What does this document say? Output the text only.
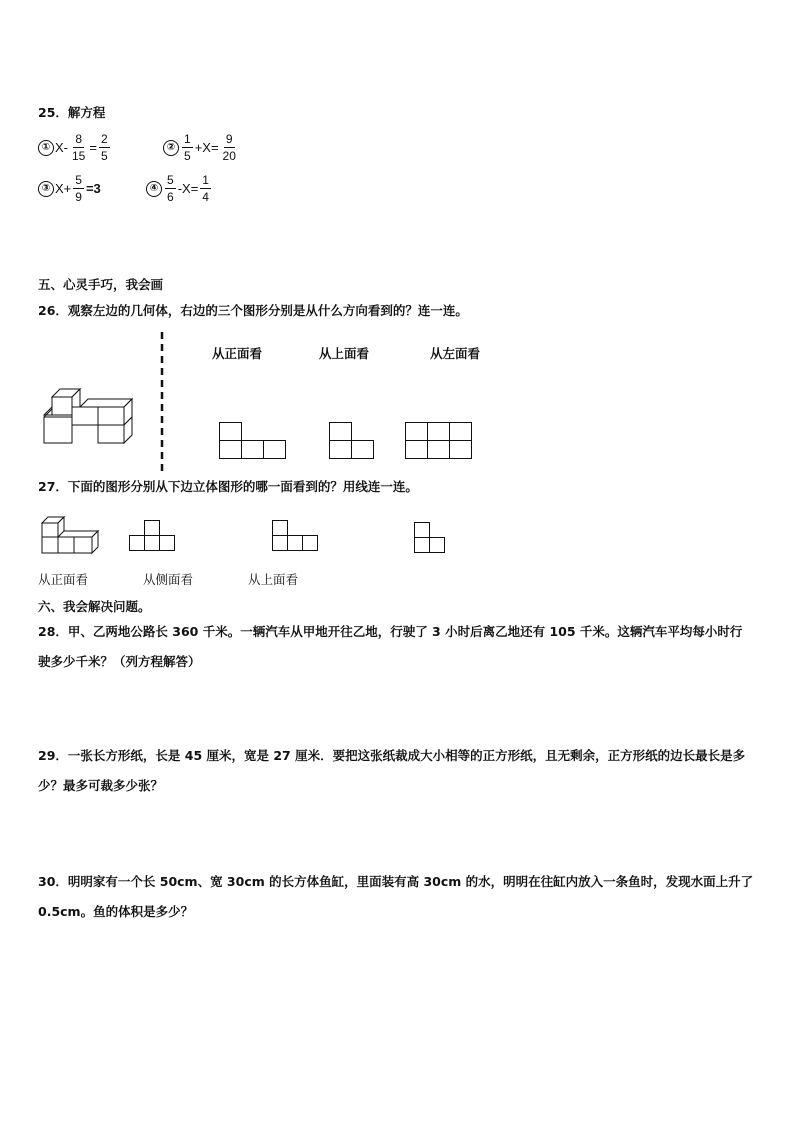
25．解方程
① $X- \frac{8}{15} = \frac{2}{5}$	② $\frac{1}{5} +X= \frac{9}{20}$
③ $X+ \frac{5}{9} =3$	④ $\frac{5}{6} -X= \frac{1}{4}$
五、心灵手巧，我会画
26．观察左边的几何体，右边的三个图形分别是从什么方向看到的？连一连。
从正面看	从上面看	从左面看
27．下面的图形分别从下边立体图形的哪一面看到的？用线连一连。
从正面看	从侧面看	从上面看
六、我会解决问题。
28．甲、乙两地公路长 360 千米。一辆汽车从甲地开往乙地，行驶了 3 小时后离乙地还有 105 千米。这辆汽车平均每小时行驶多少千米？（列方程解答）
29．一张长方形纸，长是 45 厘米，宽是 27 厘米．要把这张纸裁成大小相等的正方形纸，且无剩余，正方形纸的边长最长是多少？最多可裁多少张？
30．明明家有一个长 50cm、宽 30cm 的长方体鱼缸，里面装有高 30cm 的水，明明在往缸内放入一条鱼时，发现水面上升了 0.5cm。鱼的体积是多少？
